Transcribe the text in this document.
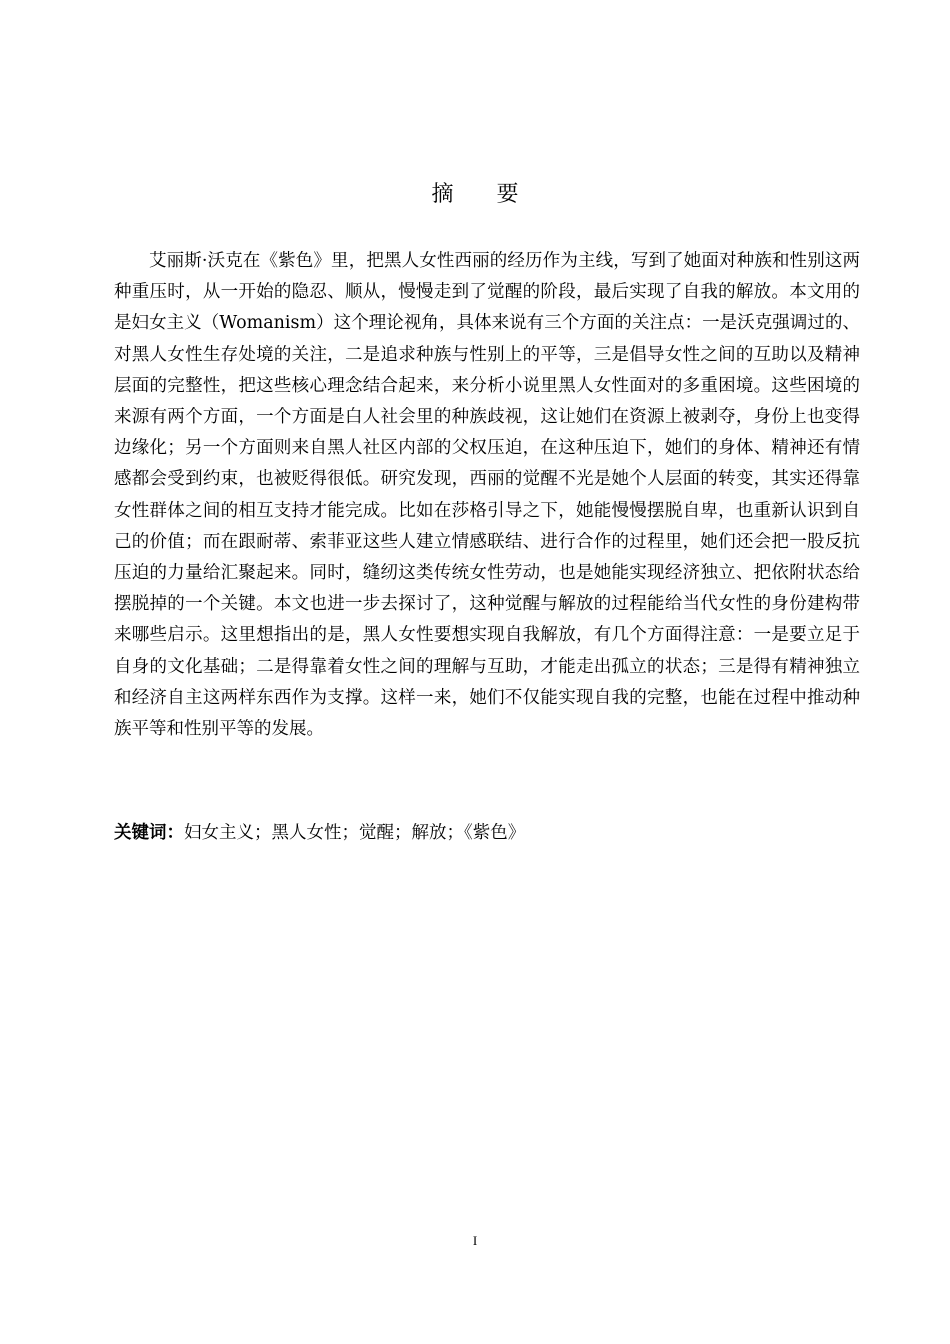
摘 要

艾丽斯·沃克在《紫色》里，把黑人女性西丽的经历作为主线，写到了她面对种族和性别这两种重压时，从一开始的隐忍、顺从，慢慢走到了觉醒的阶段，最后实现了自我的解放。本文用的是妇女主义（Womanism）这个理论视角，具体来说有三个方面的关注点：一是沃克强调过的、对黑人女性生存处境的关注，二是追求种族与性别上的平等，三是倡导女性之间的互助以及精神层面的完整性，把这些核心理念结合起来，来分析小说里黑人女性面对的多重困境。这些困境的来源有两个方面，一个方面是白人社会里的种族歧视，这让她们在资源上被剥夺，身份上也变得边缘化；另一个方面则来自黑人社区内部的父权压迫，在这种压迫下，她们的身体、精神还有情感都会受到约束，也被贬得很低。研究发现，西丽的觉醒不光是她个人层面的转变，其实还得靠女性群体之间的相互支持才能完成。比如在莎格引导之下，她能慢慢摆脱自卑，也重新认识到自己的价值；而在跟耐蒂、索菲亚这些人建立情感联结、进行合作的过程里，她们还会把一股反抗压迫的力量给汇聚起来。同时，缝纫这类传统女性劳动，也是她能实现经济独立、把依附状态给摆脱掉的一个关键。本文也进一步去探讨了，这种觉醒与解放的过程能给当代女性的身份建构带来哪些启示。这里想指出的是，黑人女性要想实现自我解放，有几个方面得注意：一是要立足于自身的文化基础；二是得靠着女性之间的理解与互助，才能走出孤立的状态；三是得有精神独立和经济自主这两样东西作为支撑。这样一来，她们不仅能实现自我的完整，也能在过程中推动种族平等和性别平等的发展。

关键词：妇女主义；黑人女性；觉醒；解放；《紫色》
I
